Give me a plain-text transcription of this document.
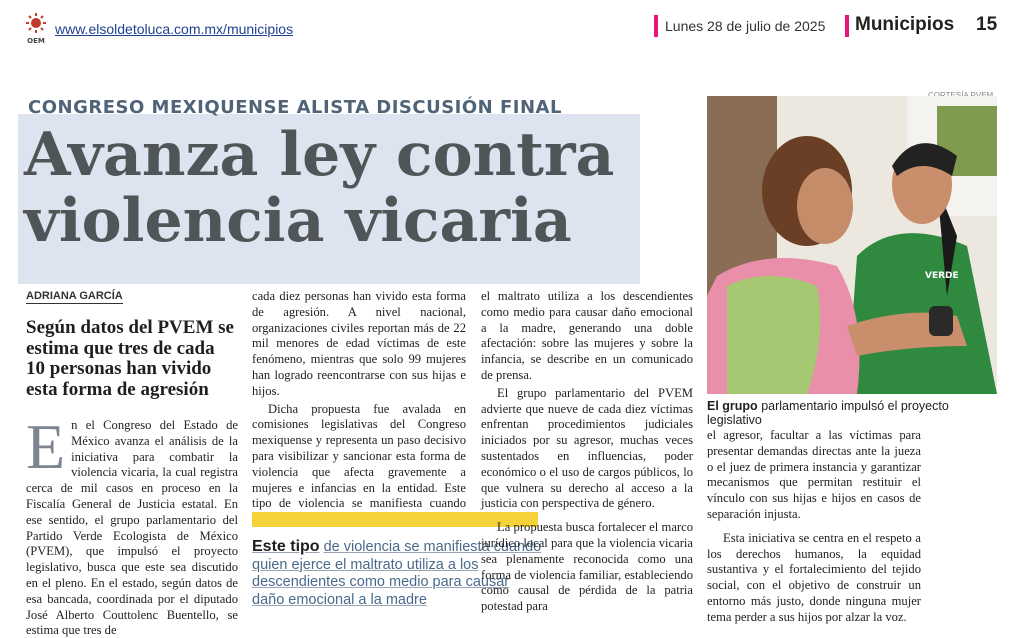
OEM
www.elsoldetoluca.com.mx/municipios	Lunes 28 de julio de 2025 Municipios 15
CONGRESO MEXIQUENSE ALISTA DISCUSIÓN FINAL
Avanza ley contra violencia vicaria
VERDE
El grupo parlamentario impulsó el proyecto legislativo
ADRIANA GARCÍA
Según datos del PVEM se estima que tres de cada 10 personas han vivido esta forma de agresión

En el Congreso del Estado de México avanza el análisis de la iniciativa para combatir la violencia vicaria, la cual registra cerca de mil casos en proceso en la Fiscalía General de Justicia estatal. En ese sentido, el grupo parlamentario del Partido Verde Ecologista de México (PVEM), que impulsó el proyecto legislativo, busca que este sea discutido en el pleno. En el estado, según datos de esa bancada, coordinada por el diputado José Alberto Couttolenc Buentello, se estima que tres de

cada diez personas han vivido esta forma de agresión. A nivel nacional, organizaciones civiles reportan más de 22 mil menores de edad víctimas de este fenómeno, mientras que solo 99 mujeres han logrado reencontrarse con sus hijas e hijos.

Dicha propuesta fue avalada en comisiones legislativas del Congreso mexiquense y representa un paso decisivo para visibilizar y sancionar esta forma de violencia que afecta gravemente a mujeres e infancias en la entidad. Este tipo de violencia se manifiesta cuando

Este tipo de violencia se manifiesta cuando quien ejerce el maltrato utiliza a los descendientes como medio para causar daño emocional a la madre

el maltrato utiliza a los descendientes como medio para causar daño emocional a la madre, generando una doble afectación: sobre las mujeres y sobre la infancia, se describe en un comunicado de prensa.

El grupo parlamentario del PVEM advierte que nueve de cada diez víctimas enfrentan procedimientos judiciales iniciados por su agresor, muchas veces sustentados en influencias, poder económico o el uso de cargos públicos, lo que vulnera su derecho al acceso a la justicia con perspectiva de género.

La propuesta busca fortalecer el marco jurídico local para que la violencia vicaria sea plenamente reconocida como una forma de violencia familiar, estableciendo como causal de pérdida de la patria potestad para

el agresor, facultar a las víctimas para presentar demandas directas ante la jueza o el juez de primera instancia y garantizar mecanismos que permitan restituir el vínculo con sus hijas e hijos en casos de separación injusta.

Esta iniciativa se centra en el respeto a los derechos humanos, la equidad sustantiva y el fortalecimiento del tejido social, con el objetivo de construir un entorno más justo, donde ninguna mujer tema perder a sus hijos por alzar la voz.
